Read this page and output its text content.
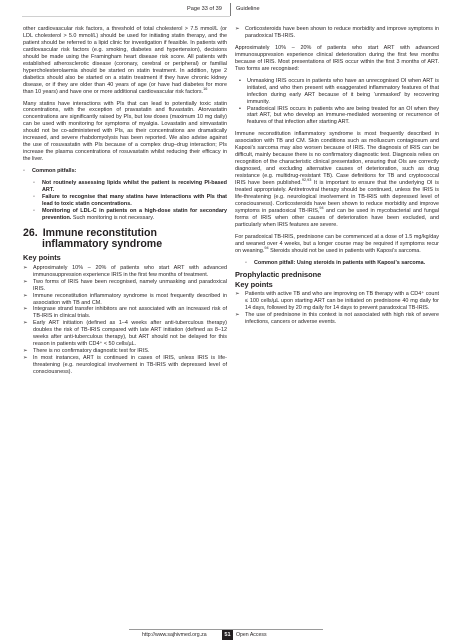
Page 33 of 39	Guideline

other cardiovascular risk factors, a threshold of total cholesterol > 7.5 mmol/L (or LDL cholesterol > 5.0 mmol/L) should be used for initiating statin therapy, and the patient should be referred to a lipid clinic for investigation if feasible. In patients with cardiovascular risk factors (e.g. smoking, diabetes and hypertension), decisions should be made using the Framingham heart disease risk score. All patients with established atherosclerotic disease (coronary, cerebral or peripheral) or familial hypercholesterolaemia should be started on statin treatment. In addition, type 2 diabetics should also be started on a statin treatment if they have chronic kidney disease, or if they are older than 40 years of age (or have had diabetes for more than 10 years) and have one or more additional cardiovascular risk factors.$^{16}$

Many statins have interactions with PIs that can lead to potentially toxic statin concentrations, with the exception of pravastatin and fluvastatin. Atorvastatin concentrations are significantly raised by PIs, but low doses (maximum 10 mg daily) can be used with monitoring for symptoms of myalgia. Lovastatin and simvastatin should not be co-administered with PIs, as their concentrations are dramatically increased, and severe rhabdomyolysis has been reported. We also advise against the use of rosuvastatin with PIs because of a complex drug–drug interaction; PIs increase the plasma concentrations of rosuvastatin whilst reducing their efficacy in the liver.

◦ Common pitfalls:
◦ Not routinely assessing lipids whilst the patient is receiving PI-based ART.
◦ Failure to recognise that many statins have interactions with PIs that lead to toxic statin concentrations.
◦ Monitoring of LDL-C in patients on a high-dose statin for secondary prevention. Such monitoring is not necessary.
26. Immune reconstitution
inflammatory syndrome
Key points
➢ Approximately 10% – 20% of patients who start ART with advanced immunosuppression experience IRIS in the first few months of treatment.
➢ Two forms of IRIS have been recognised, namely unmasking and paradoxical IRIS.
➢ Immune reconstitution inflammatory syndrome is most frequently described in association with TB and CM.
➢ Integrase strand transfer inhibitors are not associated with an increased risk of TB-IRIS in clinical trials.
➢ Early ART initiation (defined as 1–4 weeks after anti-tuberculous therapy) doubles the risk of TB-IRIS compared with late ART initiation (defined as 8–12 weeks after anti-tuberculous therapy), but ART should not be delayed for this reason in patients with CD4⁺ < 50 cells/µL.
➢ There is no confirmatory diagnostic test for IRIS.
➢ In most instances, ART is continued in cases of IRIS, unless IRIS is life-threatening (e.g. neurological involvement in TB-IRIS with depressed level of consciousness).
➢ Corticosteroids have been shown to reduce morbidity and improve symptoms in paradoxical TB-IRIS.

Approximately 10% – 20% of patients who start ART with advanced immunosuppression experience clinical deterioration during the first few months because of IRIS. Most presentations of IRIS occur within the first 3 months of ART. Two forms are recognised:

• Unmasking IRIS occurs in patients who have an unrecognised OI when ART is initiated, and who then present with exaggerated inflammatory features of that infection during early ART because of it being ‘unmasked’ by recovering immunity.
• Paradoxical IRIS occurs in patients who are being treated for an OI when they start ART, but who develop an immune-mediated worsening or recurrence of features of that infection after starting ART.

Immune reconstitution inflammatory syndrome is most frequently described in association with TB and CM. Skin conditions such as molluscum contagiosum and Kaposi’s sarcoma may also worsen because of IRIS. The diagnosis of IRIS can be difficult, mainly because there is no confirmatory diagnostic test. Diagnosis relies on recognition of the characteristic clinical presentation, ensuring that OIs are correctly diagnosed, and excluding alternative causes of deterioration, such as drug resistance (e.g. multidrug-resistant TB). Case definitions for TB and cryptococcal IRIS have been published.$^{92,93}$ It is important to ensure that the underlying OI is treated appropriately. Antiretroviral therapy should be continued, unless the IRIS is life-threatening (e.g. neurological involvement in TB-IRIS with depressed level of consciousness). Corticosteroids have been shown to reduce morbidity and improve symptoms in paradoxical TB-IRIS,$^{94}$ and can be used in mycobacterial and fungal forms of IRIS when other causes of deterioration have been excluded, and particularly when IRIS features are severe.

For paradoxical TB-IRIS, prednisone can be commenced at a dose of 1.5 mg/kg/day and weaned over 4 weeks, but a longer course may be required if symptoms recur on weaning.$^{94}$ Steroids should not be used in patients with Kaposi’s sarcoma.

◦ Common pitfall: Using steroids in patients with Kaposi’s sarcoma.
Prophylactic prednisone
Key points
➢ Patients with active TB and who are improving on TB therapy with a CD4⁺ count ≤ 100 cells/µL upon starting ART can be initiated on prednisone 40 mg daily for 14 days, followed by 20 mg daily for 14 days to prevent paradoxical TB-IRIS.
➢ The use of prednisone in this context is not associated with high risk of severe infections, cancers or adverse events.
http://www.sajhivmed.org.za	51	Open Access
